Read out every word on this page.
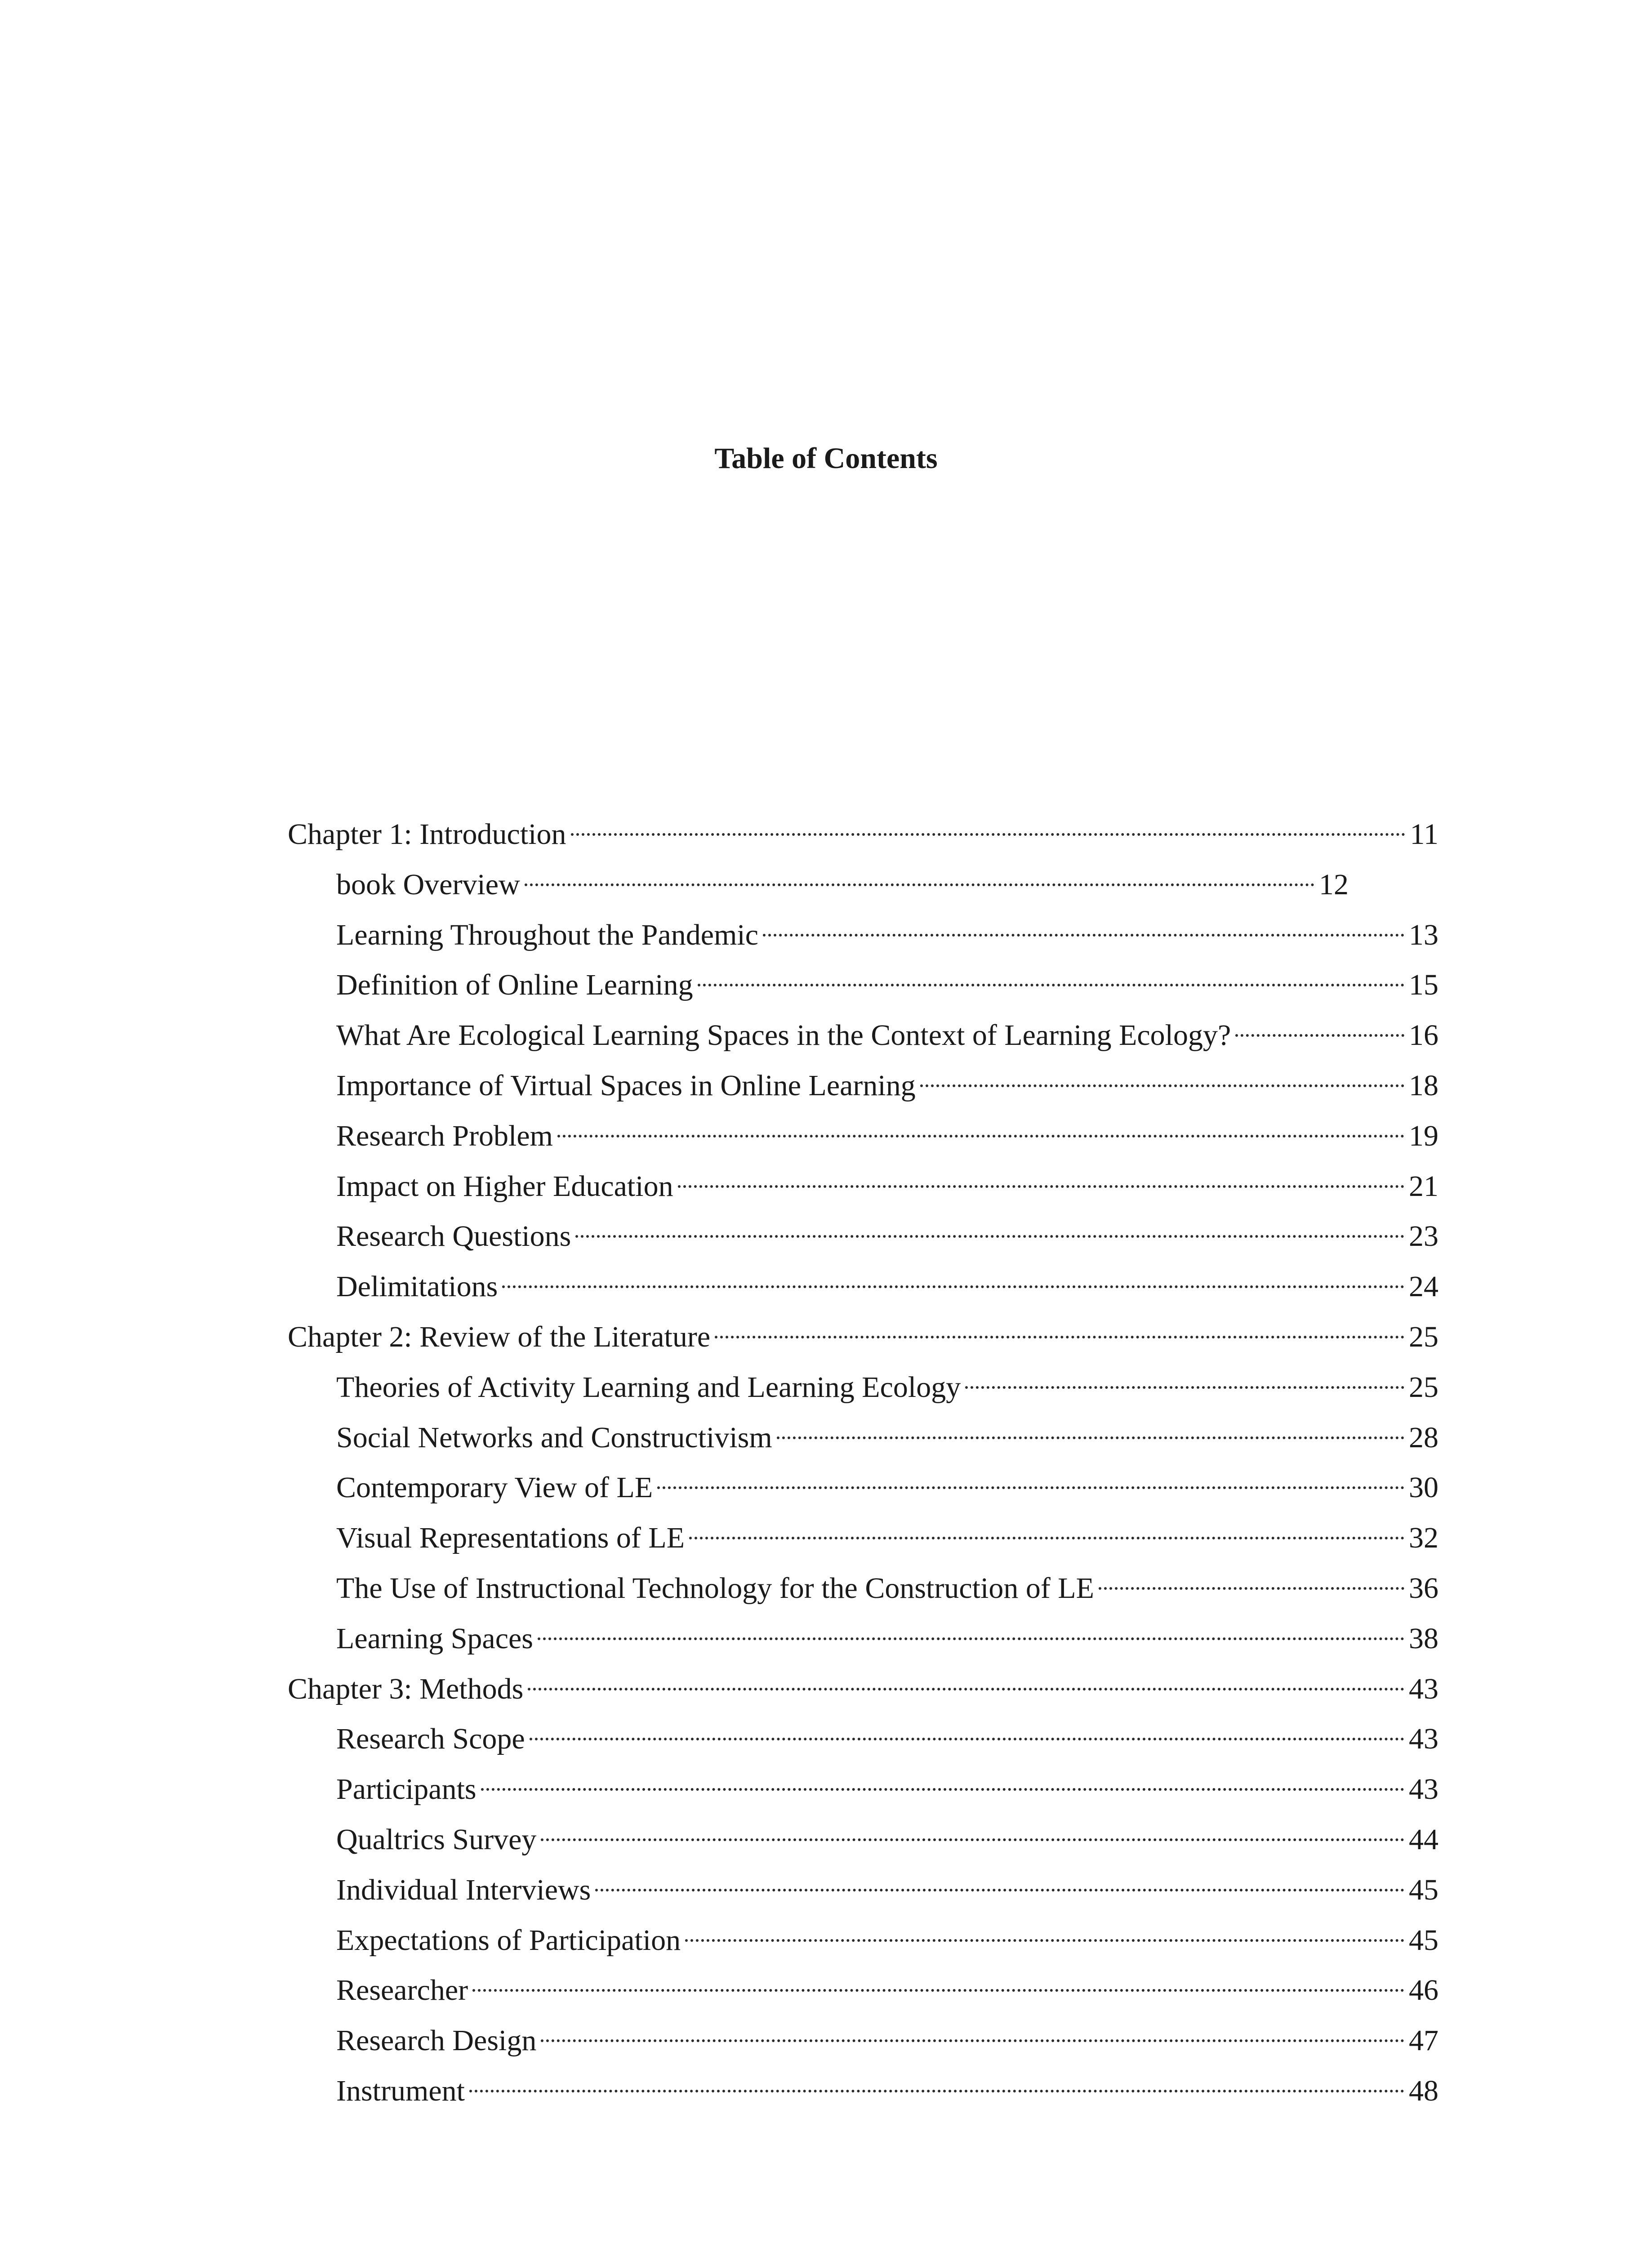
Table of Contents
Chapter 1: Introduction	11
book Overview	12
Learning Throughout the Pandemic	13
Definition of Online Learning	15
What Are Ecological Learning Spaces in the Context of Learning Ecology?	16
Importance of Virtual Spaces in Online Learning	18
Research Problem	19
Impact on Higher Education	21
Research Questions	23
Delimitations	24
Chapter 2: Review of the Literature	25
Theories of Activity Learning and Learning Ecology	25
Social Networks and Constructivism	28
Contemporary View of LE	30
Visual Representations of LE	32
The Use of Instructional Technology for the Construction of LE	36
Learning Spaces	38
Chapter 3: Methods	43
Research Scope	43
Participants	43
Qualtrics Survey	44
Individual Interviews	45
Expectations of Participation	45
Researcher	46
Research Design	47
Instrument	48
